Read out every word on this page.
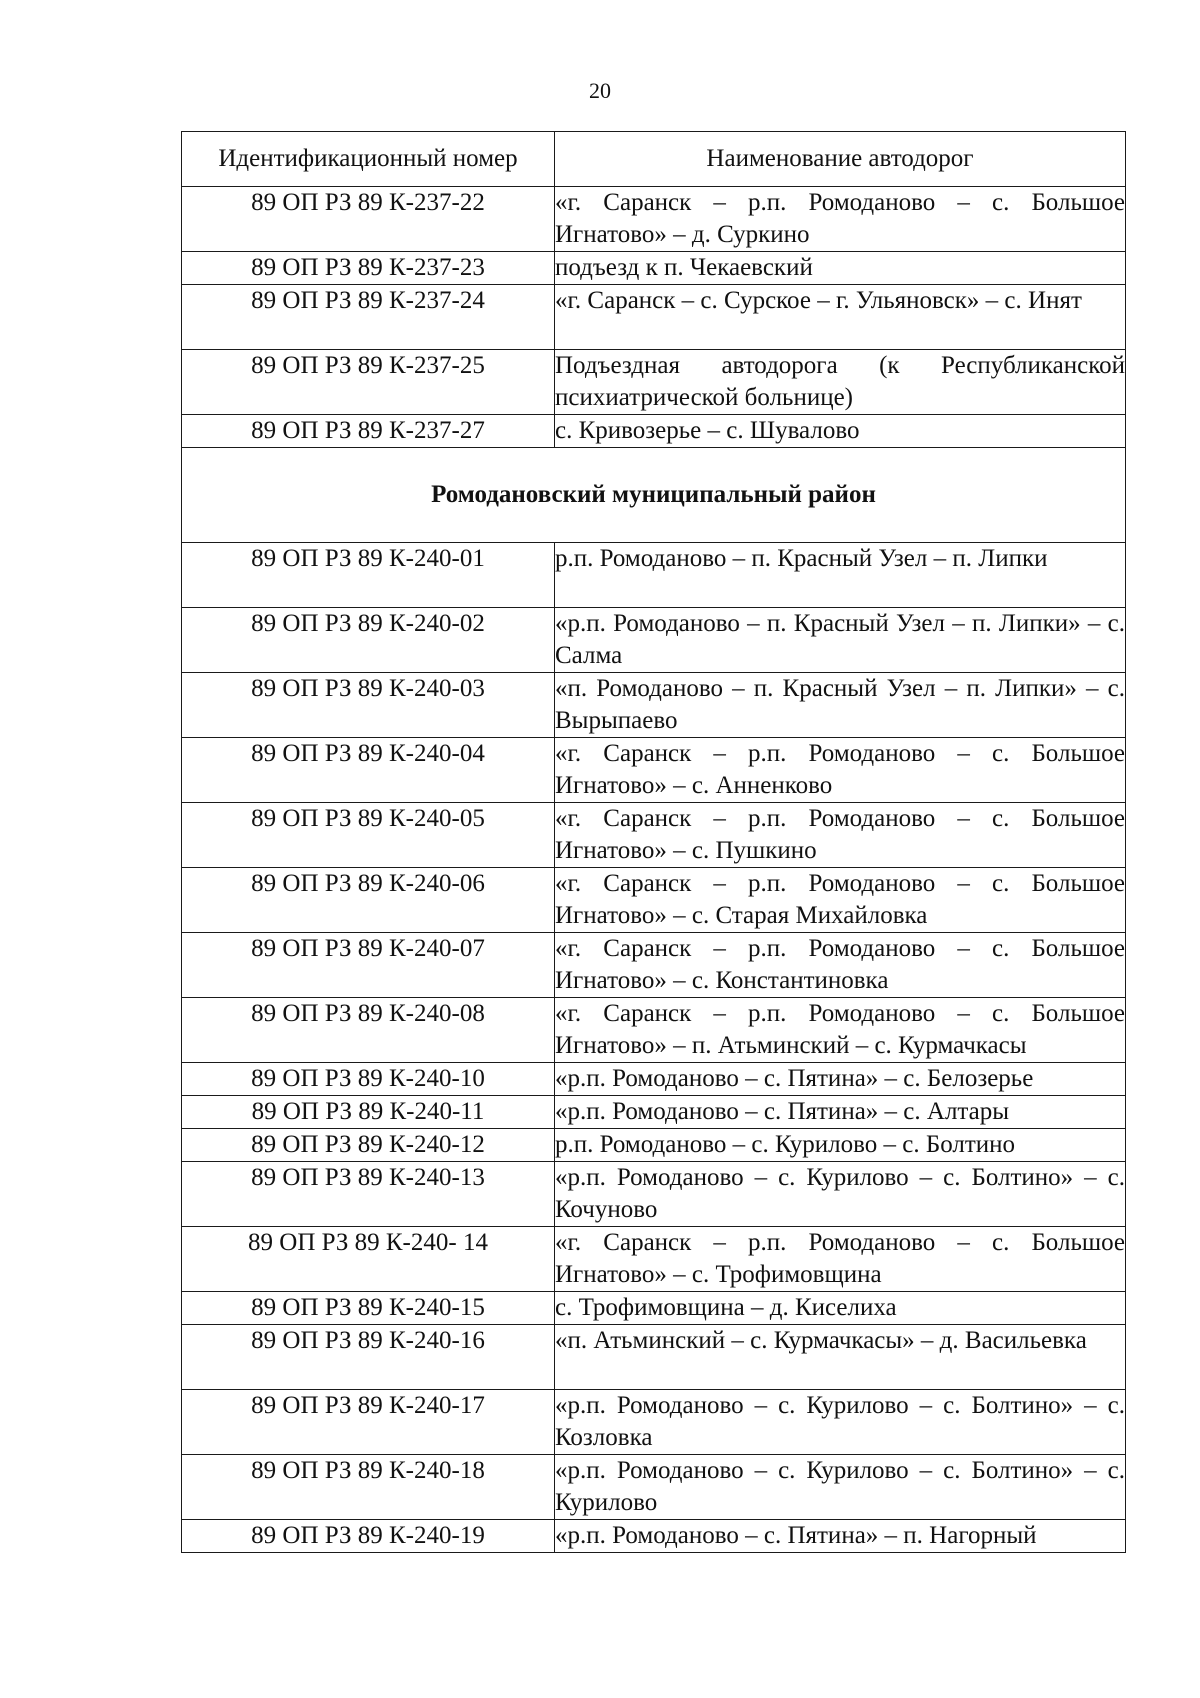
20
Идентификационный номер	Наименование автодорог
89 ОП РЗ 89 К-237-22	«г. Саранск – р.п. Ромоданово – с. Большое Игнатово» – д. Суркино
89 ОП РЗ 89 К-237-23	подъезд к п. Чекаевский
89 ОП РЗ 89 К-237-24	«г. Саранск – с. Сурское – г. Ульяновск» – с. Инят
89 ОП РЗ 89 К-237-25	Подъездная автодорога (к Республиканской психиатрической больнице)
89 ОП РЗ 89 К-237-27	с. Кривозерье – с. Шувалово
Ромодановский муниципальный район	
89 ОП РЗ 89 К-240-01	р.п. Ромоданово – п. Красный Узел – п. Липки
89 ОП РЗ 89 К-240-02	«р.п. Ромоданово – п. Красный Узел – п. Липки» – с. Салма
89 ОП РЗ 89 К-240-03	«п. Ромоданово – п. Красный Узел – п. Липки» – с. Вырыпаево
89 ОП РЗ 89 К-240-04	«г. Саранск – р.п. Ромоданово – с. Большое Игнатово» – с. Анненково
89 ОП РЗ 89 К-240-05	«г. Саранск – р.п. Ромоданово – с. Большое Игнатово» – с. Пушкино
89 ОП РЗ 89 К-240-06	«г. Саранск – р.п. Ромоданово – с. Большое Игнатово» – с. Старая Михайловка
89 ОП РЗ 89 К-240-07	«г. Саранск – р.п. Ромоданово – с. Большое Игнатово» – с. Константиновка
89 ОП РЗ 89 К-240-08	«г. Саранск – р.п. Ромоданово – с. Большое Игнатово» – п. Атьминский – с. Курмачкасы
89 ОП РЗ 89 К-240-10	«р.п. Ромоданово – с. Пятина» – с. Белозерье
89 ОП РЗ 89 К-240-11	«р.п. Ромоданово – с. Пятина» – с. Алтары
89 ОП РЗ 89 К-240-12	р.п. Ромоданово – с. Курилово – с. Болтино
89 ОП РЗ 89 К-240-13	«р.п. Ромоданово – с. Курилово – с. Болтино» – с. Кочуново
89 ОП РЗ 89 К-240- 14	«г. Саранск – р.п. Ромоданово – с. Большое Игнатово» – с. Трофимовщина
89 ОП РЗ 89 К-240-15	с. Трофимовщина – д. Киселиха
89 ОП РЗ 89 К-240-16	«п. Атьминский – с. Курмачкасы» – д. Васильевка
89 ОП РЗ 89 К-240-17	«р.п. Ромоданово – с. Курилово – с. Болтино» – с. Козловка
89 ОП РЗ 89 К-240-18	«р.п. Ромоданово – с. Курилово – с. Болтино» – с. Курилово
89 ОП РЗ 89 К-240-19	«р.п. Ромоданово – с. Пятина» – п. Нагорный
